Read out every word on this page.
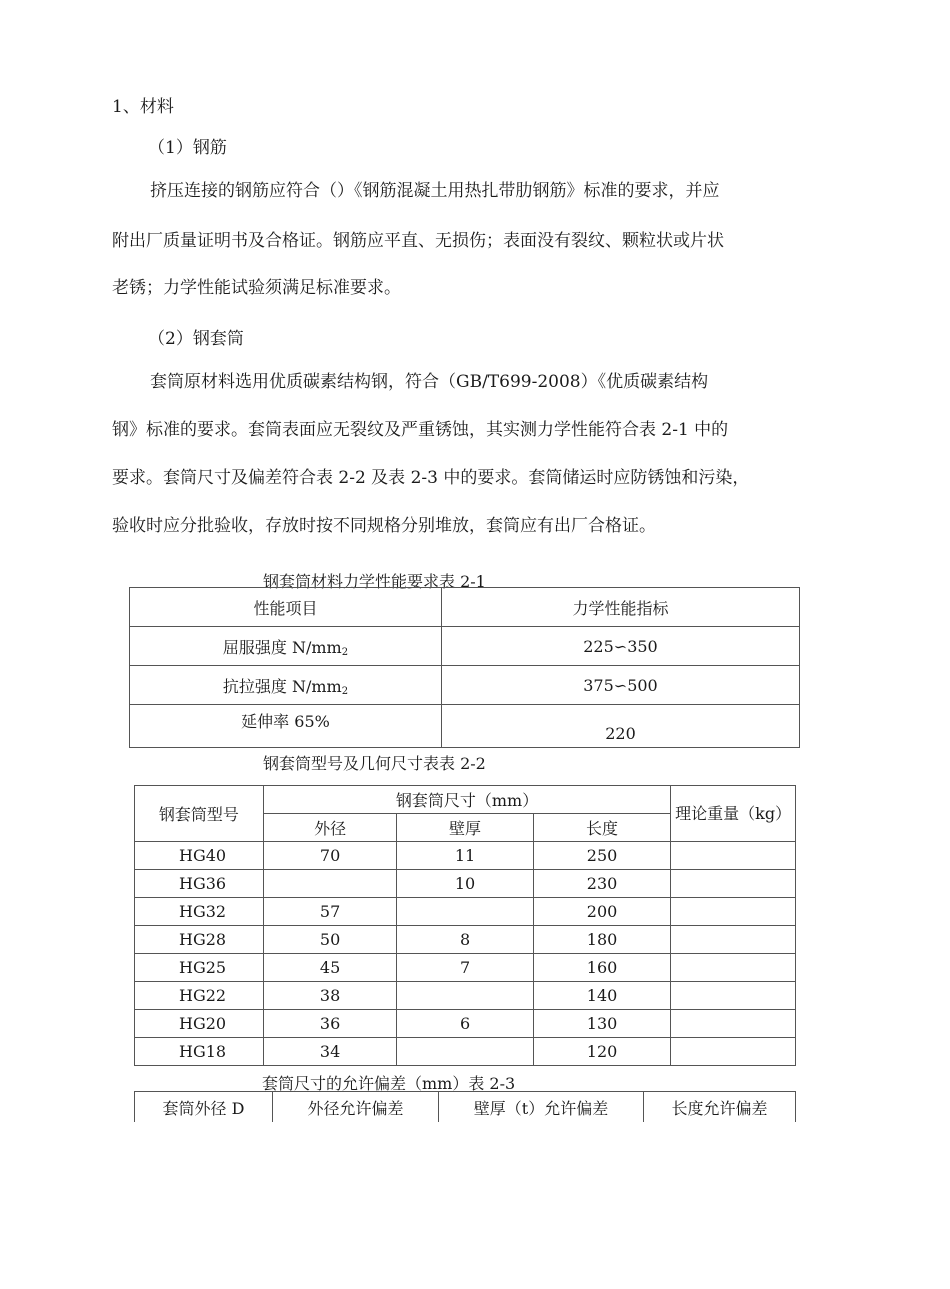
1、材料
（1）钢筋
挤压连接的钢筋应符合（）《钢筋混凝土用热扎带肋钢筋》标准的要求，并应
附出厂质量证明书及合格证。钢筋应平直、无损伤；表面没有裂纹、颗粒状或片状
老锈；力学性能试验须满足标准要求。
（2）钢套筒
套筒原材料选用优质碳素结构钢，符合（GB/T699-2008）《优质碳素结构
钢》标准的要求。套筒表面应无裂纹及严重锈蚀，其实测力学性能符合表 2-1 中的
要求。套筒尺寸及偏差符合表 2-2 及表 2-3 中的要求。套筒储运时应防锈蚀和污染，
验收时应分批验收，存放时按不同规格分别堆放，套筒应有出厂合格证。
钢套筒材料力学性能要求表 2-1
性能项目	力学性能指标
屈服强度 $N/mm_2$	225∽350
抗拉强度 $N/mm_2$	375∽500
延伸率 65%	220
钢套筒型号及几何尺寸表表 2-2
钢套筒型号	钢套筒尺寸（mm）			理论重量（kg）
	外径	壁厚	长度	
HG40	70	11	250	
HG36		10	230	
HG32	57		200	
HG28	50	8	180	
HG25	45	7	160	
HG22	38		140	
HG20	36	6	130	
HG18	34		120	
套筒尺寸的允许偏差（mm）表 2-3
套筒外径 D	外径允许偏差	壁厚（t）允许偏差	长度允许偏差
